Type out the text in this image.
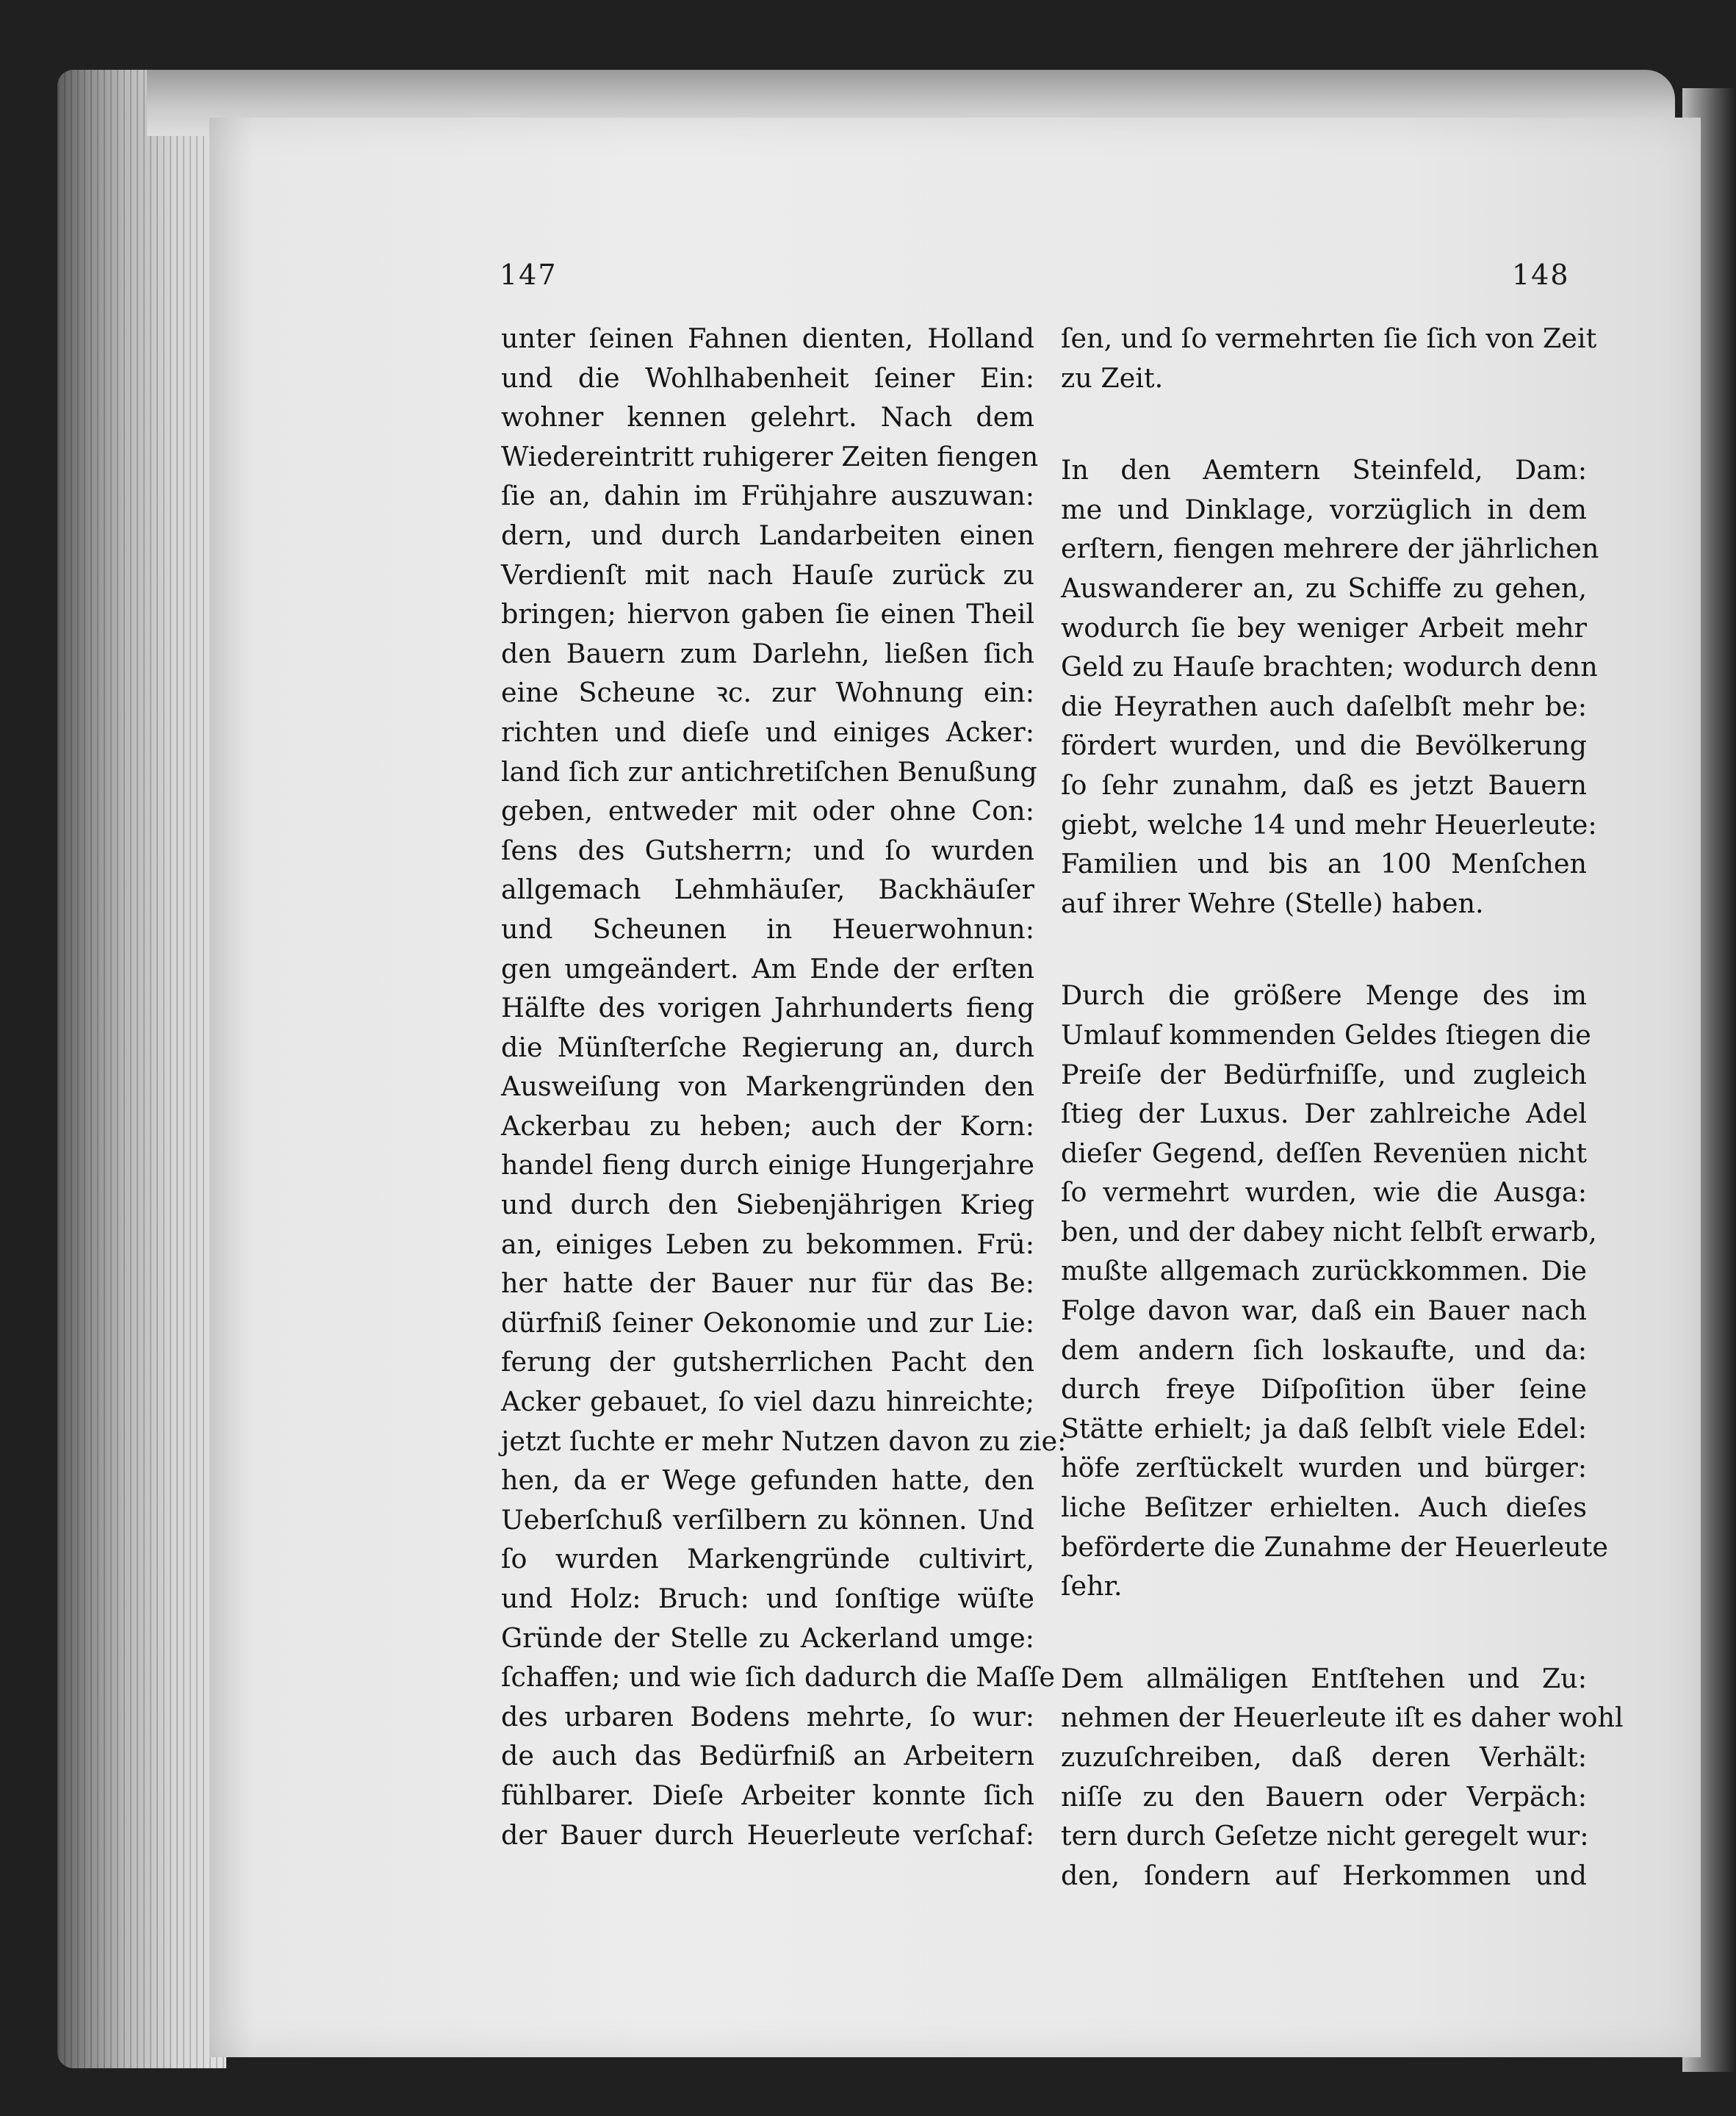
147	148
unter ſeinen Fahnen dienten, Holland
und die Wohlhabenheit ſeiner Ein:
wohner kennen gelehrt. Nach dem
Wiedereintritt ruhigerer Zeiten fiengen
ſie an, dahin im Frühjahre auszuwan:
dern, und durch Landarbeiten einen
Verdienſt mit nach Hauſe zurück zu
bringen; hiervon gaben ſie einen Theil
den Bauern zum Darlehn, ließen ſich
eine Scheune ꝛc. zur Wohnung ein:
richten und dieſe und einiges Acker:
land ſich zur antichretiſchen Benußung
geben, entweder mit oder ohne Con:
ſens des Gutsherrn; und ſo wurden
allgemach Lehmhäuſer, Backhäuſer
und Scheunen in Heuerwohnun:
gen umgeändert. Am Ende der erſten
Hälfte des vorigen Jahrhunderts fieng
die Münſterſche Regierung an, durch
Ausweiſung von Markengründen den
Ackerbau zu heben; auch der Korn:
handel fieng durch einige Hungerjahre
und durch den Siebenjährigen Krieg
an, einiges Leben zu bekommen. Frü:
her hatte der Bauer nur für das Be:
dürfniß ſeiner Oekonomie und zur Lie:
ferung der gutsherrlichen Pacht den
Acker gebauet, ſo viel dazu hinreichte;
jetzt ſuchte er mehr Nutzen davon zu zie:
hen, da er Wege gefunden hatte, den
Ueberſchuß verſilbern zu können. Und
ſo wurden Markengründe cultivirt,
und Holz: Bruch: und ſonſtige wüſte
Gründe der Stelle zu Ackerland umge:
ſchaffen; und wie ſich dadurch die Maſſe
des urbaren Bodens mehrte, ſo wur:
de auch das Bedürfniß an Arbeitern
fühlbarer. Dieſe Arbeiter konnte ſich
der Bauer durch Heuerleute verſchaf:
ſen, und ſo vermehrten ſie ſich von Zeit
zu Zeit.
In den Aemtern Steinfeld, Dam:
me und Dinklage, vorzüglich in dem
erſtern, fiengen mehrere der jährlichen
Auswanderer an, zu Schiffe zu gehen,
wodurch ſie bey weniger Arbeit mehr
Geld zu Hauſe brachten; wodurch denn
die Heyrathen auch daſelbſt mehr be:
fördert wurden, und die Bevölkerung
ſo ſehr zunahm, daß es jetzt Bauern
giebt, welche 14 und mehr Heuerleute:
Familien und bis an 100 Menſchen
auf ihrer Wehre (Stelle) haben.
Durch die größere Menge des im
Umlauf kommenden Geldes ſtiegen die
Preiſe der Bedürfniſſe, und zugleich
ſtieg der Luxus. Der zahlreiche Adel
dieſer Gegend, deſſen Revenüen nicht
ſo vermehrt wurden, wie die Ausga:
ben, und der dabey nicht ſelbſt erwarb,
mußte allgemach zurückkommen. Die
Folge davon war, daß ein Bauer nach
dem andern ſich loskaufte, und da:
durch freye Diſpoſition über ſeine
Stätte erhielt; ja daß ſelbſt viele Edel:
höfe zerſtückelt wurden und bürger:
liche Beſitzer erhielten. Auch dieſes
beförderte die Zunahme der Heuerleute
ſehr.
Dem allmäligen Entſtehen und Zu:
nehmen der Heuerleute iſt es daher wohl
zuzuſchreiben, daß deren Verhält:
niſſe zu den Bauern oder Verpäch:
tern durch Geſetze nicht geregelt wur:
den, ſondern auf Herkommen und
